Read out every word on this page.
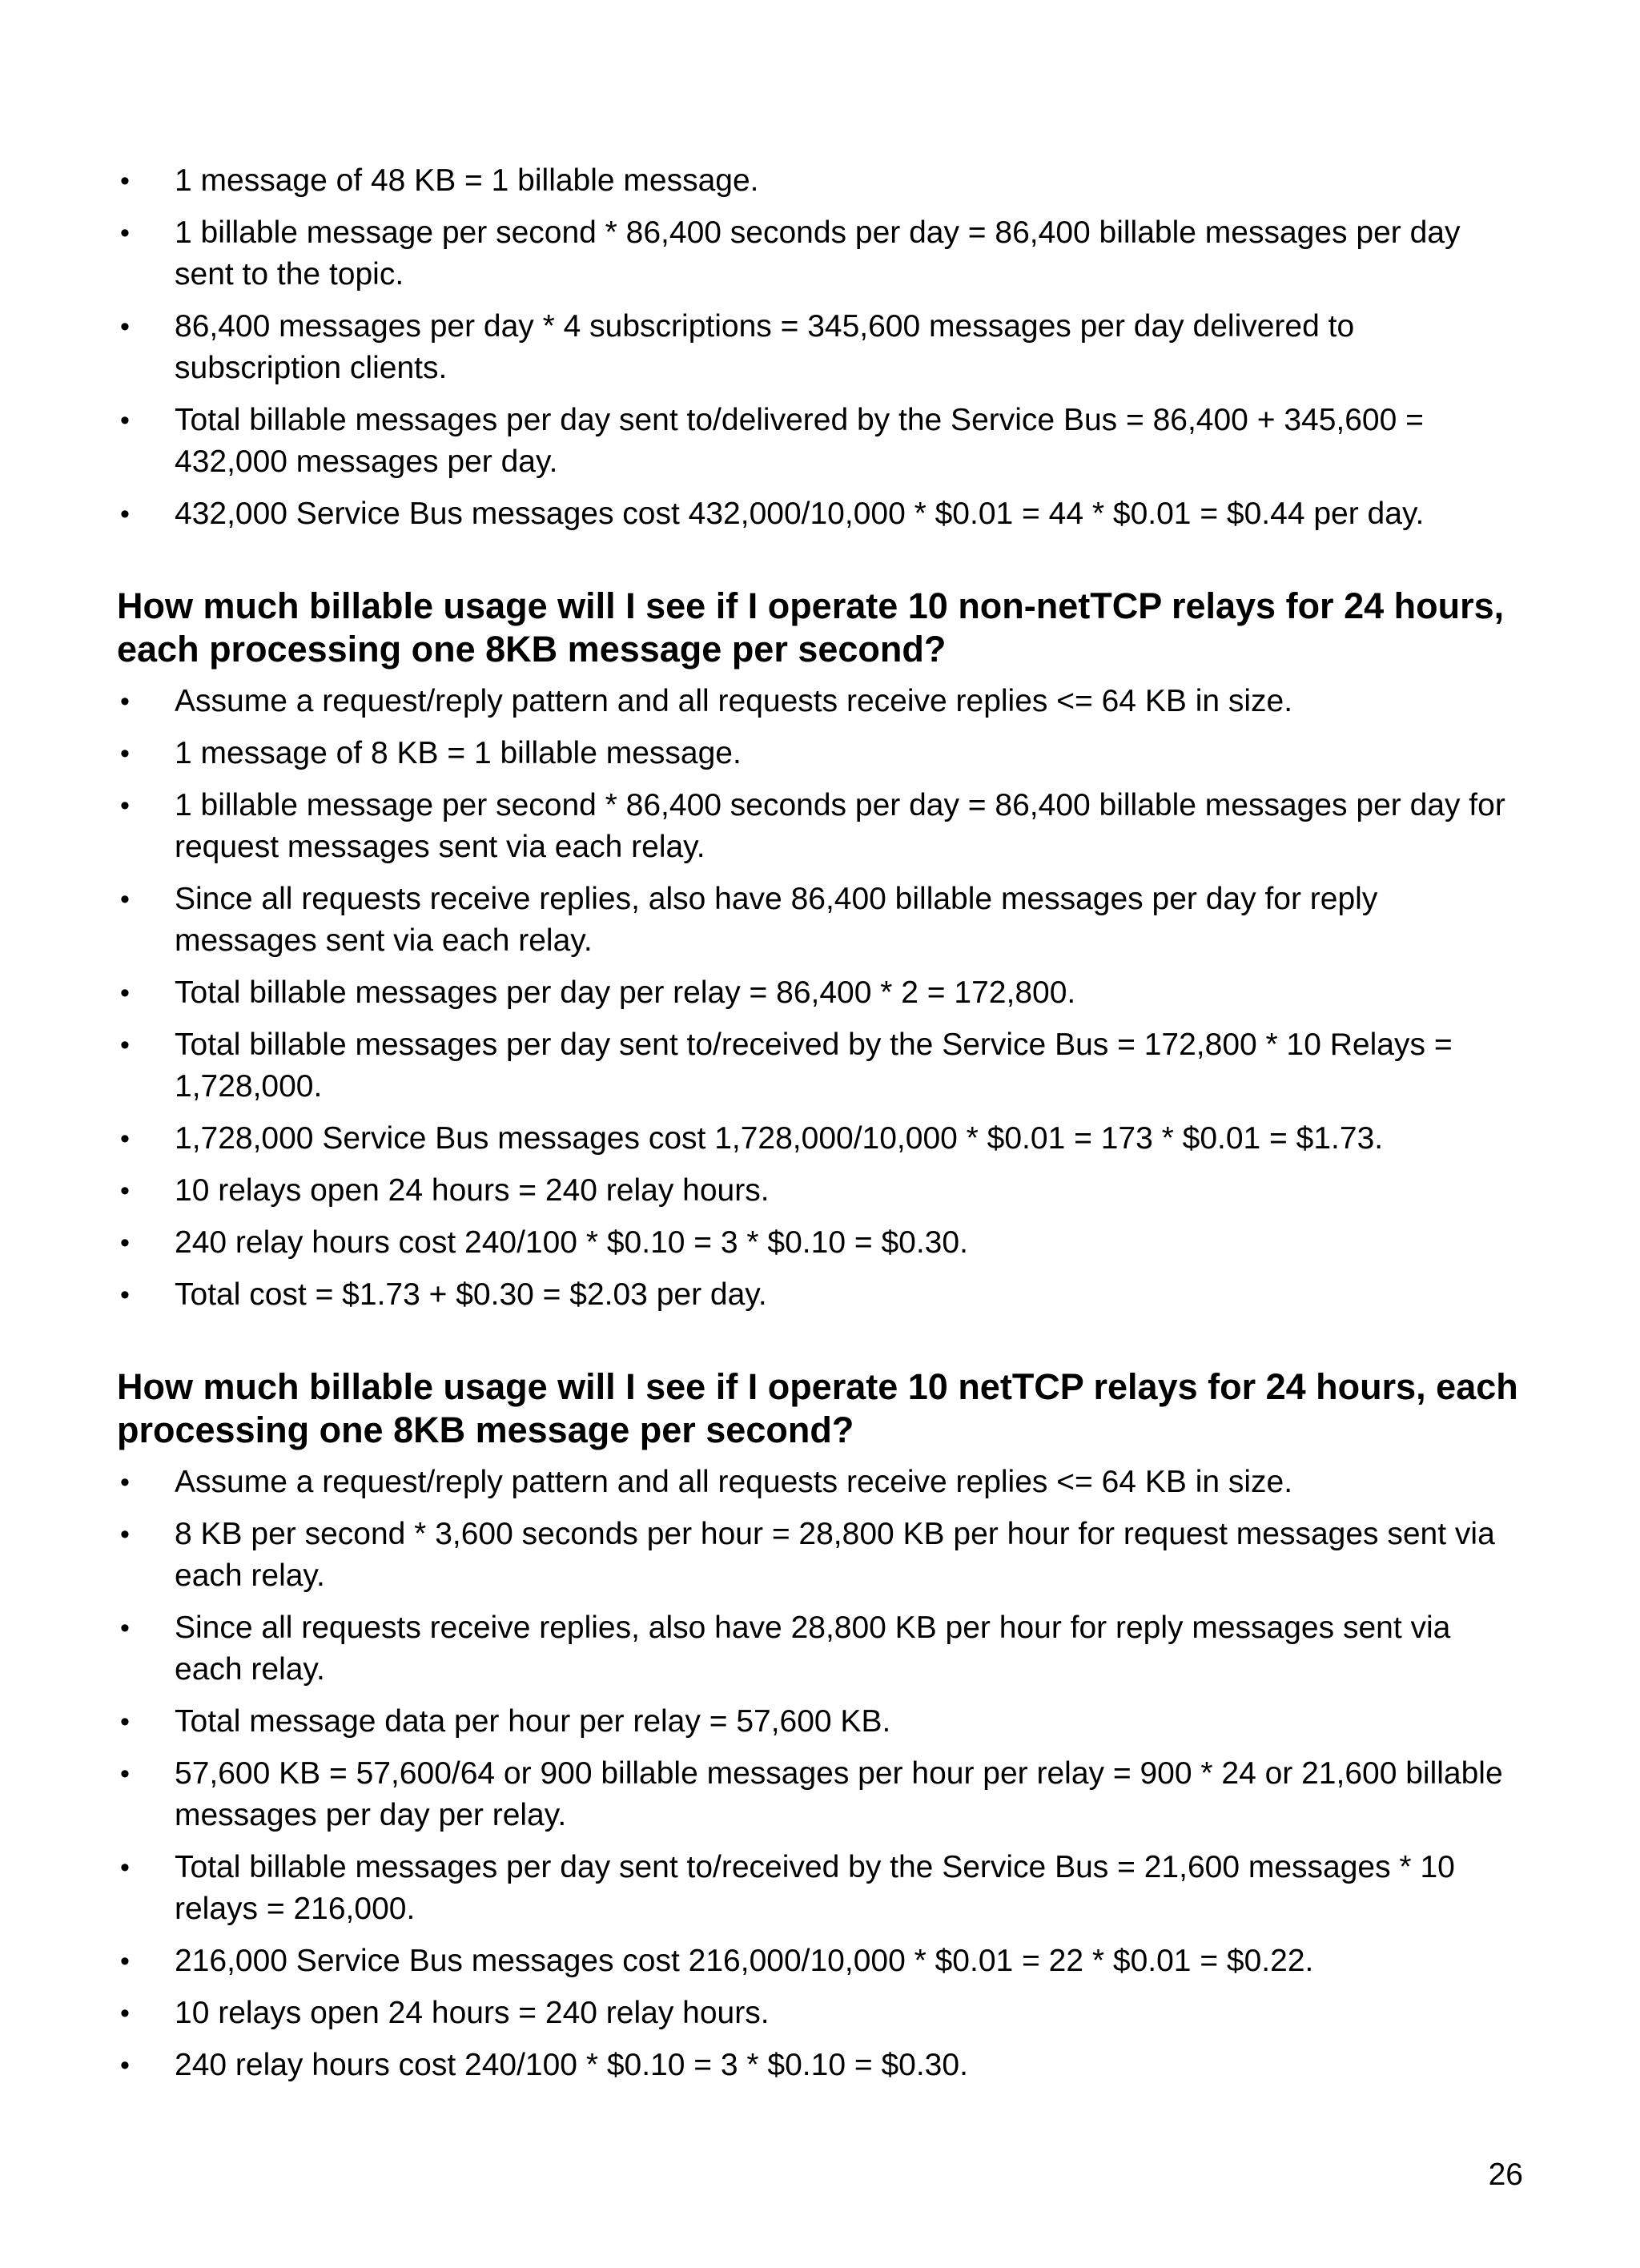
• 1 message of 48 KB = 1 billable message.
• 1 billable message per second * 86,400 seconds per day = 86,400 billable messages per day sent to the topic.
• 86,400 messages per day * 4 subscriptions = 345,600 messages per day delivered to subscription clients.
• Total billable messages per day sent to/delivered by the Service Bus = 86,400 + 345,600 = 432,000 messages per day.
• 432,000 Service Bus messages cost 432,000/10,000 * $0.01 = 44 * $0.01 = $0.44 per day.
How much billable usage will I see if I operate 10 non-netTCP relays for 24 hours, each processing one 8KB message per second?
• Assume a request/reply pattern and all requests receive replies <= 64 KB in size.
• 1 message of 8 KB = 1 billable message.
• 1 billable message per second * 86,400 seconds per day = 86,400 billable messages per day for request messages sent via each relay.
• Since all requests receive replies, also have 86,400 billable messages per day for reply messages sent via each relay.
• Total billable messages per day per relay = 86,400 * 2 = 172,800.
• Total billable messages per day sent to/received by the Service Bus = 172,800 * 10 Relays = 1,728,000.
• 1,728,000 Service Bus messages cost 1,728,000/10,000 * $0.01 = 173 * $0.01 = $1.73.
• 10 relays open 24 hours = 240 relay hours.
• 240 relay hours cost 240/100 * $0.10 = 3 * $0.10 = $0.30.
• Total cost = $1.73 + $0.30 = $2.03 per day.
How much billable usage will I see if I operate 10 netTCP relays for 24 hours, each processing one 8KB message per second?
• Assume a request/reply pattern and all requests receive replies <= 64 KB in size.
• 8 KB per second * 3,600 seconds per hour = 28,800 KB per hour for request messages sent via each relay.
• Since all requests receive replies, also have 28,800 KB per hour for reply messages sent via each relay.
• Total message data per hour per relay = 57,600 KB.
• 57,600 KB = 57,600/64 or 900 billable messages per hour per relay = 900 * 24 or 21,600 billable messages per day per relay.
• Total billable messages per day sent to/received by the Service Bus = 21,600 messages * 10 relays = 216,000.
• 216,000 Service Bus messages cost 216,000/10,000 * $0.01 = 22 * $0.01 = $0.22.
• 10 relays open 24 hours = 240 relay hours.
• 240 relay hours cost 240/100 * $0.10 = 3 * $0.10 = $0.30.
26
